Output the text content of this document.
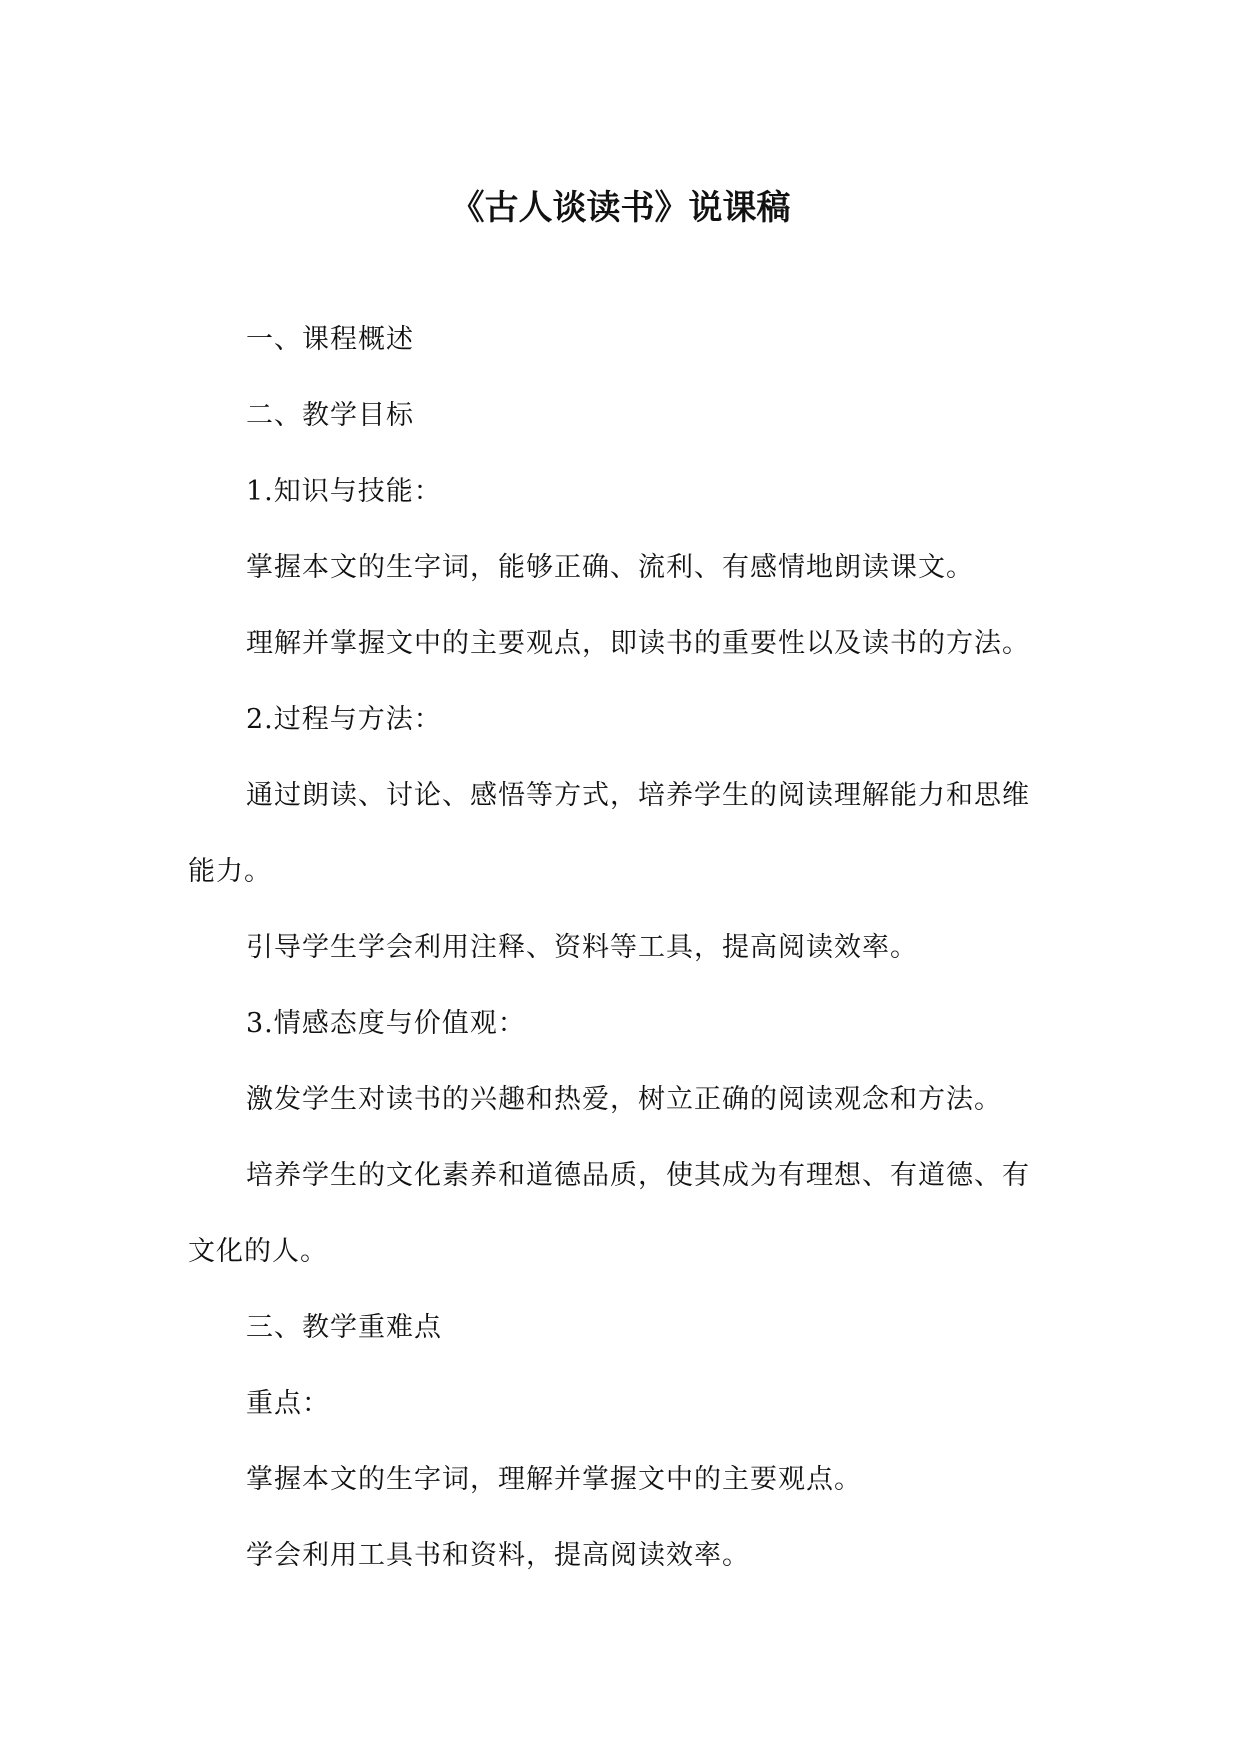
《古人谈读书》说课稿

一、课程概述

二、教学目标

1.知识与技能：

掌握本文的生字词，能够正确、流利、有感情地朗读课文。

理解并掌握文中的主要观点，即读书的重要性以及读书的方法。

2.过程与方法：

通过朗读、讨论、感悟等方式，培养学生的阅读理解能力和思维能力。

引导学生学会利用注释、资料等工具，提高阅读效率。

3.情感态度与价值观：

激发学生对读书的兴趣和热爱，树立正确的阅读观念和方法。

培养学生的文化素养和道德品质，使其成为有理想、有道德、有文化的人。

三、教学重难点

重点：

掌握本文的生字词，理解并掌握文中的主要观点。

学会利用工具书和资料，提高阅读效率。
